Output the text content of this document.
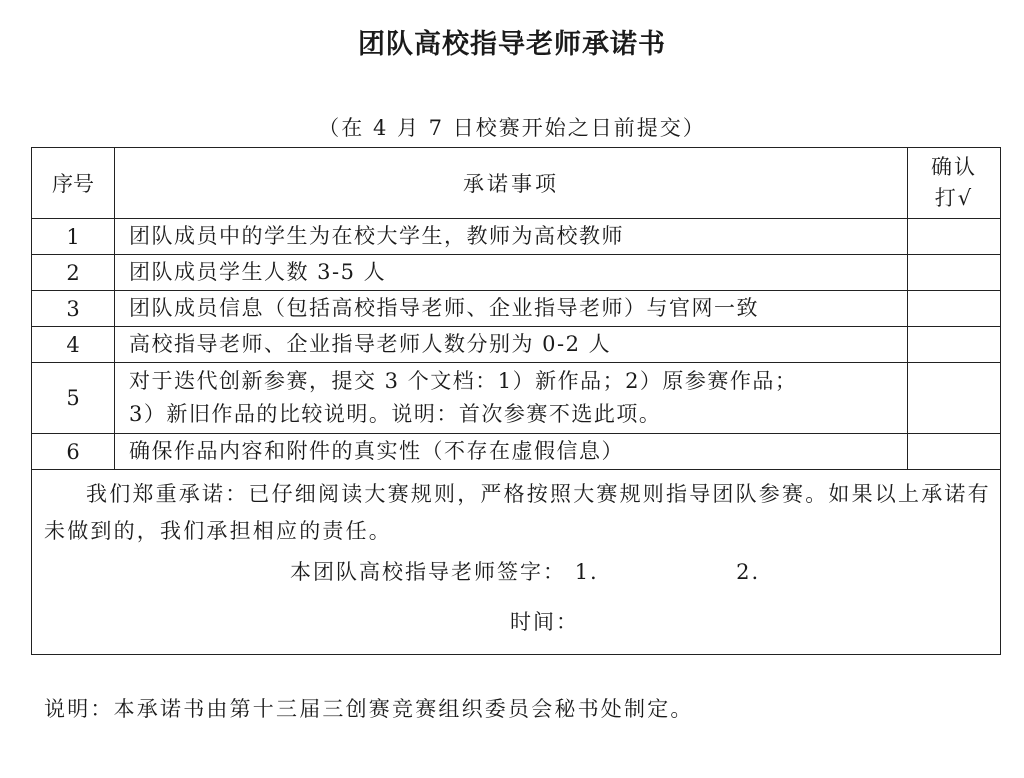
团队高校指导老师承诺书
（在 4 月 7 日校赛开始之日前提交）
序号	承诺事项	确认
打√

1	团队成员中的学生为在校大学生，教师为高校教师	
2	团队成员学生人数 3-5 人	
3	团队成员信息（包括高校指导老师、企业指导老师）与官网一致	
4	高校指导老师、企业指导老师人数分别为 0-2 人	
5	对于迭代创新参赛，提交 3 个文档：1）新作品；2）原参赛作品；
3）新旧作品的比较说明。说明：首次参赛不选此项。	

6	确保作品内容和附件的真实性（不存在虚假信息）	

我们郑重承诺：已仔细阅读大赛规则，严格按照大赛规则指导团队参赛。如果以上承诺有未做到的，我们承担相应的责任。
本团队高校指导老师签字： 1. 2.
时间：		
说明：本承诺书由第十三届三创赛竞赛组织委员会秘书处制定。
